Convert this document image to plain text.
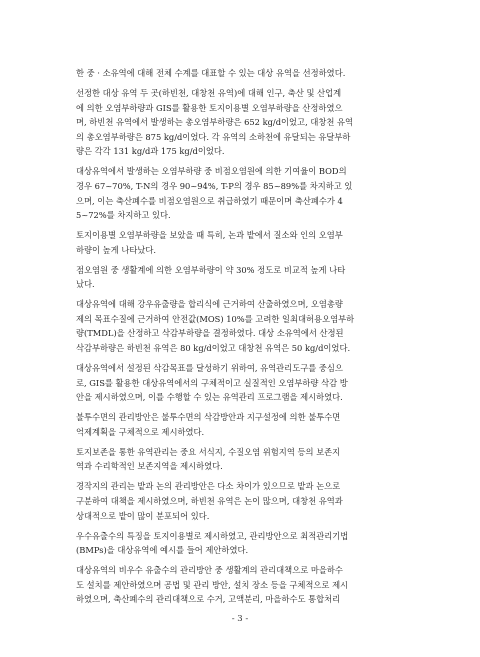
한 중 · 소유역에 대해 전체 수계를 대표할 수 있는 대상 유역을 선정하였다.

선정한 대상 유역 두 곳(하빈천, 대창천 유역)에 대해 인구, 축산 및 산업계
에 의한 오염부하량과 GIS를 활용한 토지이용별 오염부하량을 산정하였으
며, 하빈천 유역에서 발생하는 총오염부하량은 652 kg/d이었고, 대창천 유역
의 총오염부하량은 875 kg/d이었다. 각 유역의 소하천에 유달되는 유달부하
량은 각각 131 kg/d과 175 kg/d이었다.

대상유역에서 발생하는 오염부하량 중 비점오염원에 의한 기여율이 BOD의
경우 67~70%, T-N의 경우 90~94%, T-P의 경우 85~89%를 차지하고 있
으며, 이는 축산폐수를 비점오염원으로 취급하였기 때문이며 축산폐수가 4
5~72%를 차지하고 있다.

토지이용별 오염부하량을 보았을 때 특히, 논과 밭에서 질소와 인의 오염부
하량이 높게 나타났다.

점오염원 중 생활계에 의한 오염부하량이 약 30% 정도로 비교적 높게 나타
났다.

대상유역에 대해 강우유출량을 합리식에 근거하여 산출하였으며, 오염총량
제의 목표수질에 근거하여 안전값(MOS) 10%를 고려한 일최대허용오염부하
량(TMDL)을 산정하고 삭감부하량을 결정하였다. 대상 소유역에서 산정된
삭감부하량은 하빈천 유역은 80 kg/d이었고 대창천 유역은 50 kg/d이었다.

대상유역에서 설정된 삭감목표를 달성하기 위하여, 유역관리도구를 중심으
로, GIS를 활용한 대상유역에서의 구체적이고 실질적인 오염부하량 삭감 방
안을 제시하였으며, 이를 수행할 수 있는 유역관리 프로그램을 제시하였다.

불투수면의 관리방안은 불투수면의 삭감방안과 지구설정에 의한 불투수면
억제계획을 구체적으로 제시하였다.

토지보존을 통한 유역관리는 중요 서식지, 수질오염 위험지역 등의 보존지
역과 수리학적인 보존지역을 제시하였다.

경작지의 관리는 밭과 논의 관리방안은 다소 차이가 있으므로 밭과 논으로
구분하여 대책을 제시하였으며, 하빈천 유역은 논이 많으며, 대창천 유역과
상대적으로 밭이 많이 분포되어 있다.

우수유출수의 특징을 토지이용별로 제시하였고, 관리방안으로 최적관리기법
(BMPs)을 대상유역에 예시를 들어 제안하였다.

대상유역의 비우수 유출수의 관리방안 중 생활계의 관리대책으로 마을하수
도 설치를 제안하였으며 공법 및 관리 방안, 설치 장소 등을 구체적으로 제시
하였으며, 축산폐수의 관리대책으로 수거, 고액분리, 마을하수도 통합처리

- 3 -
